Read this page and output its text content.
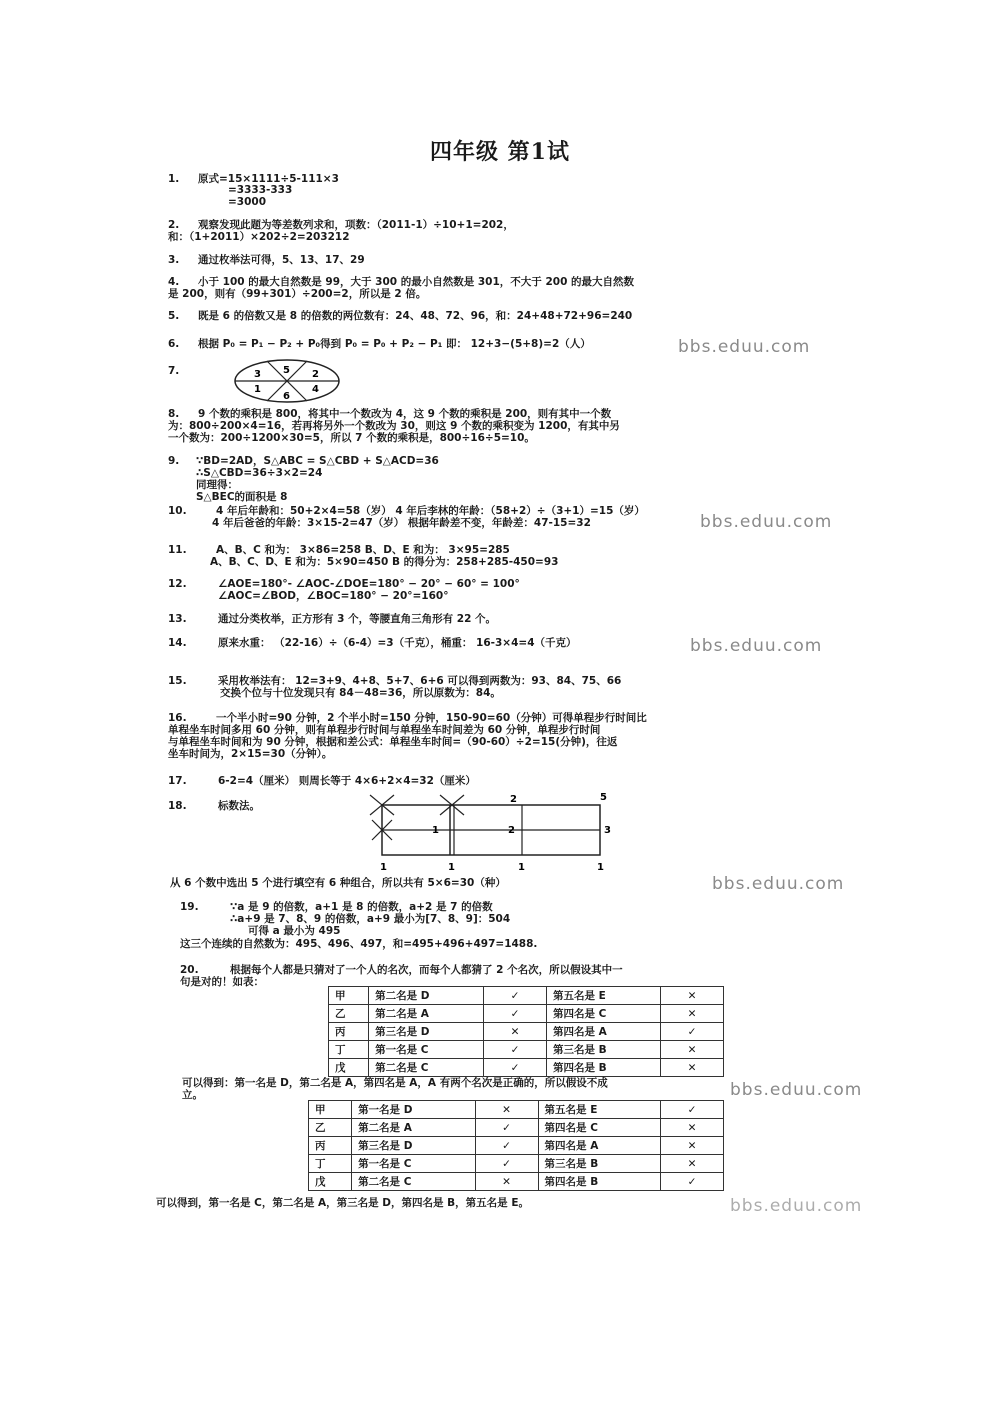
四年级 第1试
1. 原式=15×1111÷5-111×3
=3333-333
=3000
2. 观察发现此题为等差数列求和，项数：（2011-1）÷10+1=202，
和：（1+2011）×202÷2=203212
3. 通过枚举法可得，5、13、17、29
4. 小于 100 的最大自然数是 99，大于 300 的最小自然数是 301，不大于 200 的最大自然数
是 200，则有（99+301）÷200=2，所以是 2 倍。
5. 既是 6 的倍数又是 8 的倍数的两位数有：24、48、72、96，和：24+48+72+96=240
6. 根据 P₀ = P₁ − P₂ + P₀得到 P₀ = P₀ + P₂ − P₁ 即： 12+3−(5+8)=2（人）	bbs.eduu.com
7.	5
3	2
1	4
6
8. 9 个数的乘积是 800，将其中一个数改为 4，这 9 个数的乘积是 200，则有其中一个数
为：800÷200×4=16，若再将另外一个数改为 30，则这 9 个数的乘积变为 1200，有其中另
一个数为：200÷1200×30=5，所以 7 个数的乘积是，800÷16÷5=10。
9. ∵BD=2AD，S△ABC = S△CBD + S△ACD=36
∴S△CBD=36÷3×2=24
同理得：
S△BEC的面积是 8
10.	4 年后年龄和：50+2×4=58（岁） 4 年后李林的年龄：（58+2）÷（3+1）=15（岁）
4 年后爸爸的年龄：3×15-2=47（岁） 根据年龄差不变，年龄差：47-15=32	bbs.eduu.com
11.	A、B、C 和为： 3×86=258 B、D、E 和为： 3×95=285
A、B、C、D、E 和为：5×90=450 B 的得分为：258+285-450=93
12.	∠AOE=180°- ∠AOC-∠DOE=180° − 20° − 60° = 100°
∠AOC=∠BOD，∠BOC=180° − 20°=160°
13.	通过分类枚举，正方形有 3 个，等腰直角三角形有 22 个。
14.	原来水重： （22-16）÷（6-4）=3（千克），桶重： 16-3×4=4（千克）	bbs.eduu.com
15.	采用枚举法有： 12=3+9、4+8、5+7、6+6 可以得到两数为：93、84、75、66
交换个位与十位发现只有 84－48=36，所以原数为：84。
16.	一个半小时=90 分钟，2 个半小时=150 分钟，150-90=60（分钟）可得单程步行时间比
单程坐车时间多用 60 分钟，则有单程步行时间与单程坐车时间差为 60 分钟，单程步行时间
与单程坐车时间和为 90 分钟，根据和差公式：单程坐车时间=（90-60）÷2=15(分钟)，往返
坐车时间为，2×15=30（分钟）。
17.	6-2=4（厘米） 则周长等于 4×6+2×4=32（厘米）
18.	标数法。
2	5
1	2	3
1	1	1	1
从 6 个数中选出 5 个进行填空有 6 种组合，所以共有 5×6=30（种）	bbs.eduu.com
19.	∵a 是 9 的倍数，a+1 是 8 的倍数，a+2 是 7 的倍数
∴a+9 是 7、8、9 的倍数，a+9 最小为[7、8、9]：504
可得 a 最小为 495
这三个连续的自然数为：495、496、497，和=495+496+497=1488.
20.	根据每个人都是只猜对了一个人的名次，而每个人都猜了 2 个名次，所以假设其中一
句是对的！如表：
甲	第二名是 D	✓	第五名是 E	✕
乙	第二名是 A	✓	第四名是 C	✕
丙	第三名是 D	✕	第四名是 A	✓
丁	第一名是 C	✓	第三名是 B	✕
戊	第二名是 C	✓	第四名是 B	✕
可以得到：第一名是 D，第二名是 A，第四名是 A，A 有两个名次是正确的，所以假设不成
立。	bbs.eduu.com
甲	第一名是 D	✕	第五名是 E	✓
乙	第二名是 A	✓	第四名是 C	✕
丙	第三名是 D	✓	第四名是 A	✕
丁	第一名是 C	✓	第三名是 B	✕
戊	第二名是 C	✕	第四名是 B	✓
可以得到，第一名是 C，第二名是 A，第三名是 D，第四名是 B，第五名是 E。	bbs.eduu.com
